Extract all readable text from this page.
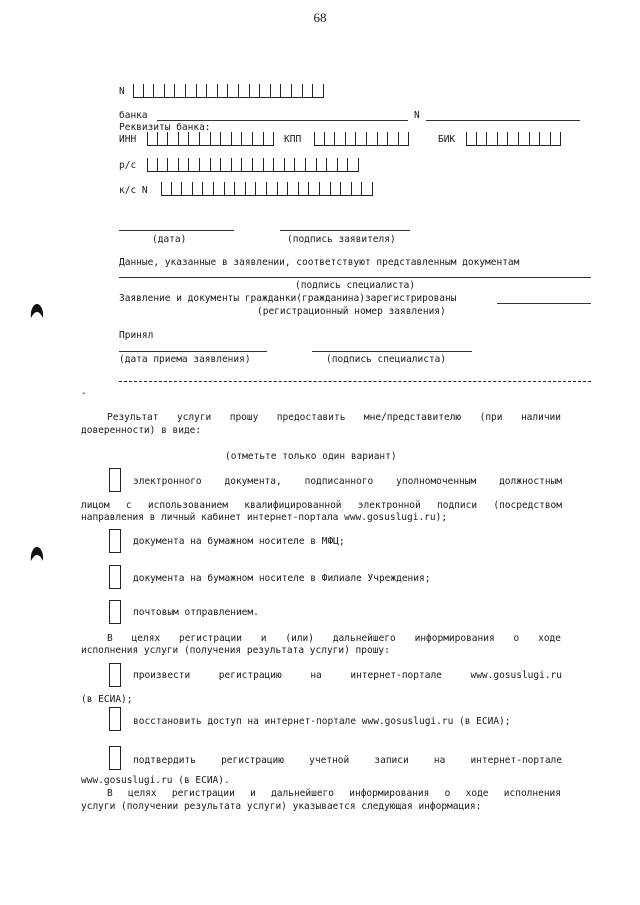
68
N
банка	N
Реквизиты банка:
ИНН	КПП	БИК
р/с
к/с N
(дата)	(подпись заявителя)
Данные, указанные в заявлении, соответствуют представленным документам
(подпись специалиста)
Заявление и документы гражданки(гражданина)зарегистрированы
(регистрационный номер заявления)
Принял
(дата приема заявления)	(подпись специалиста)
-
Результат услуги прошу предоставить мне/представителю (при наличии
доверенности) в виде:
(отметьте только один вариант)
электронного документа, подписанного уполномоченным должностным
лицом с использованием квалифицированной электронной подписи (посредством
направления в личный кабинет интернет-портала www.gosuslugi.ru);
документа на бумажном носителе в МФЦ;
документа на бумажном носителе в Филиале Учреждения;
почтовым отправлением.
В целях регистрации и (или) дальнейшего информирования о ходе
исполнения услуги (получения результата услуги) прошу:
произвести регистрацию на интернет-портале www.gosuslugi.ru
(в ЕСИА);
восстановить доступ на интернет-портале www.gosuslugi.ru (в ЕСИА);
подтвердить регистрацию учетной записи на интернет-портале
www.gosuslugi.ru (в ЕСИА).
В целях регистрации и дальнейшего информирования о ходе исполнения
услуги (получении результата услуги) указывается следующая информация:
